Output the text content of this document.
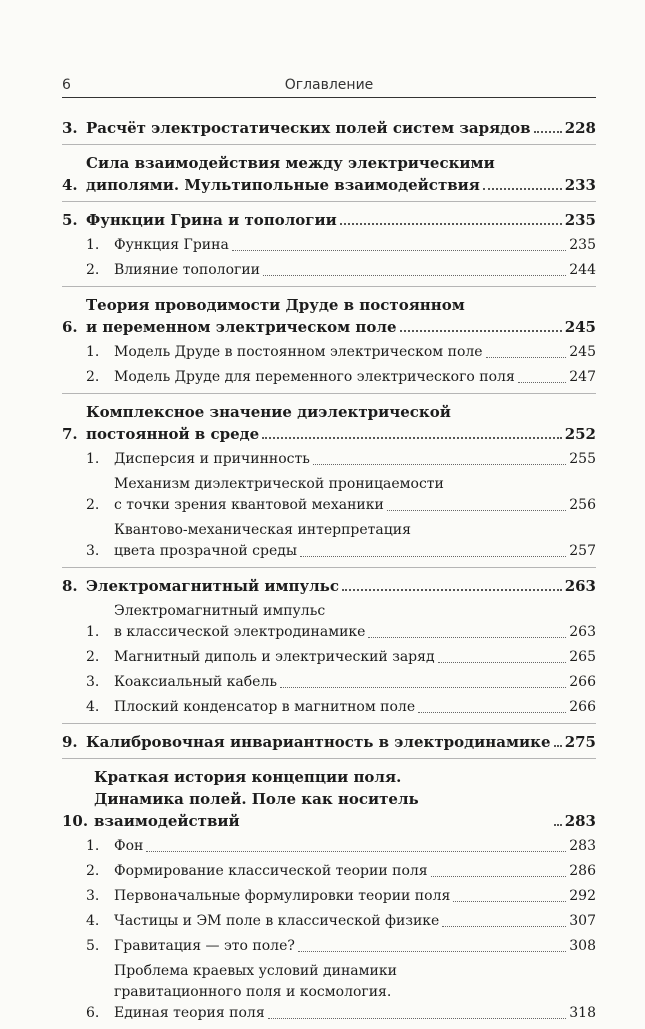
6	Оглавление
3. Расчёт электростатических полей систем зарядов 228
4.
Сила взаимодействия между электрическими
диполями. Мультипольные взаимодействия	233
5. Функции Грина и топологии	235
1.	Функция Грина	235
2.	Влияние топологии	244
6.
Теория проводимости Друде в постоянном
и переменном электрическом поле	245
1.	Модель Друде в постоянном электрическом поле	245
2.	Модель Друде для переменного электрического поля	247
7.
Комплексное значение диэлектрической
постоянной в среде	252
1.	Дисперсия и причинность	255
2.
Механизм диэлектрической проницаемости
с точки зрения квантовой механики	256
3.
Квантово-механическая интерпретация
цвета прозрачной среды	257
8. Электромагнитный импульс	263
1.
Электромагнитный импульс
в классической электродинамике	263
2.	Магнитный диполь и электрический заряд	265
3.	Коаксиальный кабель	266
4.	Плоский конденсатор в магнитном поле	266
9. Калибровочная инвариантность в электродинамике 275
10.
Краткая история концепции поля.
Динамика полей. Поле как носитель взаимодействий	283
1.	Фон	283
2.	Формирование классической теории поля	286
3.	Первоначальные формулировки теории поля	292
4.	Частицы и ЭМ поле в классической физике	307
5.	Гравитация — это поле?	308
6.
Проблема краевых условий динамики
гравитационного поля и космология.
Единая теория поля	318
